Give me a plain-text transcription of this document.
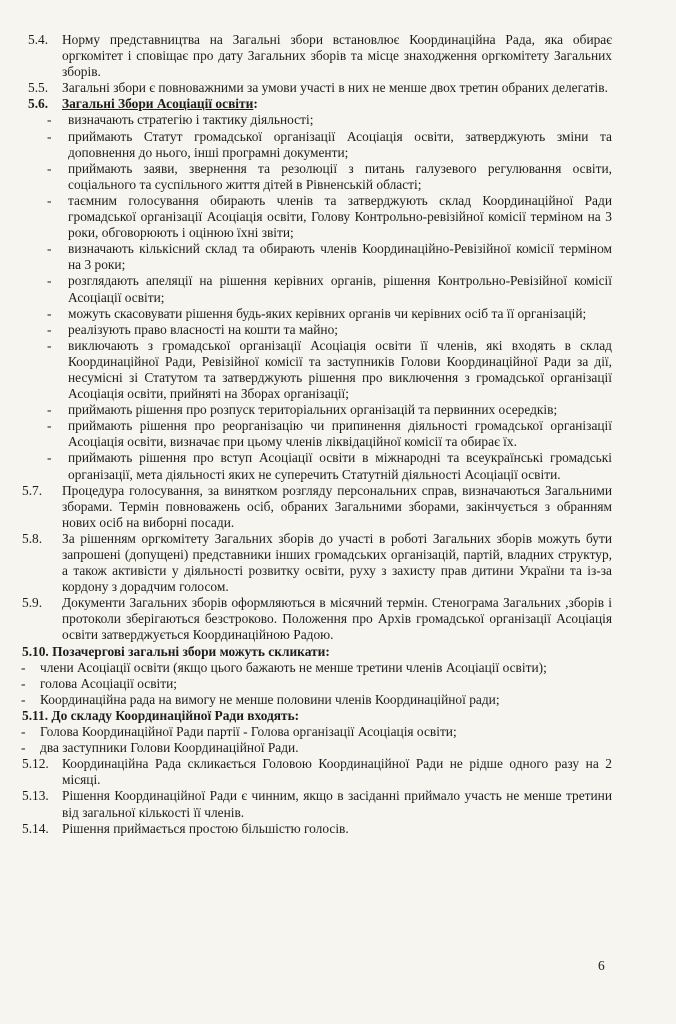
5.4.	Норму представництва на Загальні збори встановлює Координаційна Рада, яка обирає оргкомітет і сповіщає про дату Загальних зборів та місце знаходження оргкомітету Загальних зборів.
5.5.	Загальні збори є повноважними за умови участі в них не менше двох третин обраних делегатів.
5.6.	Загальні Збори Асоціації освіти:
-	визначають стратегію і тактику діяльності;
-	приймають Статут громадської організації Асоціація освіти, затверджують зміни та доповнення до нього, інші програмні документи;
-	приймають заяви, звернення та резолюції з питань галузевого регулювання освіти, соціального та суспільного життя дітей в Рівненській області;
-	таємним голосування обирають членів та затверджують склад Координаційної Ради громадської організації Асоціація освіти, Голову Контрольно-ревізійної комісії терміном на 3 роки, обговорюють і оцінюю їхні звіти;
-	визначають кількісний склад та обирають членів Координаційно-Ревізійної комісії терміном на 3 роки;
-	розглядають апеляції на рішення керівних органів, рішення Контрольно-Ревізійної комісії Асоціації освіти;
-	можуть скасовувати рішення будь-яких керівних органів чи керівних осіб та її організацій;
-	реалізують право власності на кошти та майно;
-	виключають з громадської організації Асоціація освіти її членів, які входять в склад Координаційної Ради, Ревізійної комісії та заступників Голови Координаційної Ради за дії, несумісні зі Статутом та затверджують рішення про виключення з громадської організації Асоціація освіти, прийняті на Зборах організації;
-	приймають рішення про розпуск територіальних організацій та первинних осередків;
-	приймають рішення про реорганізацію чи припинення діяльності громадської організації Асоціація освіти, визначає при цьому членів ліквідаційної комісії та обирає їх.
-	приймають рішення про вступ Асоціації освіти в міжнародні та всеукраїнські громадські організації, мета діяльності яких не суперечить Статутній діяльності Асоціації освіти.
5.7.	Процедура голосування, за винятком розгляду персональних справ, визначаються Загальними зборами. Термін повноважень осіб, обраних Загальними зборами, закінчується з обранням нових осіб на виборні посади.
5.8.	За рішенням оргкомітету Загальних зборів до участі в роботі Загальних зборів можуть бути запрошені (допущені) представники інших громадських організацій, партій, владних структур, а також активісти у діяльності розвитку освіти, руху з захисту прав дитини України та із-за кордону з дорадчим голосом.
5.9.	Документи Загальних зборів оформляються в місячний термін. Стенограма Загальних ,зборів і протоколи зберігаються безстроково. Положення про Архів громадської організації Асоціація освіти затверджується Координаційною Радою.
5.10. Позачергові загальні збори можуть скликати:
-	члени Асоціації освіти (якщо цього бажають не менше третини членів Асоціації освіти);
-	голова Асоціації освіти;
-	Координаційна рада на вимогу не менше половини членів Координаційної ради;
5.11. До складу Координаційної Ради входять:
-	Голова Координаційної Ради партії - Голова організації Асоціація освіти;
-	два заступники Голови Координаційної Ради.
5.12. Координаційна Рада скликається Головою Координаційної Ради не рідше одного разу на 2 місяці.
5.13. Рішення Координаційної Ради є чинним, якщо в засіданні приймало участь не менше третини від загальної кількості її членів.
5.14. Рішення приймається простою більшістю голосів.
6
